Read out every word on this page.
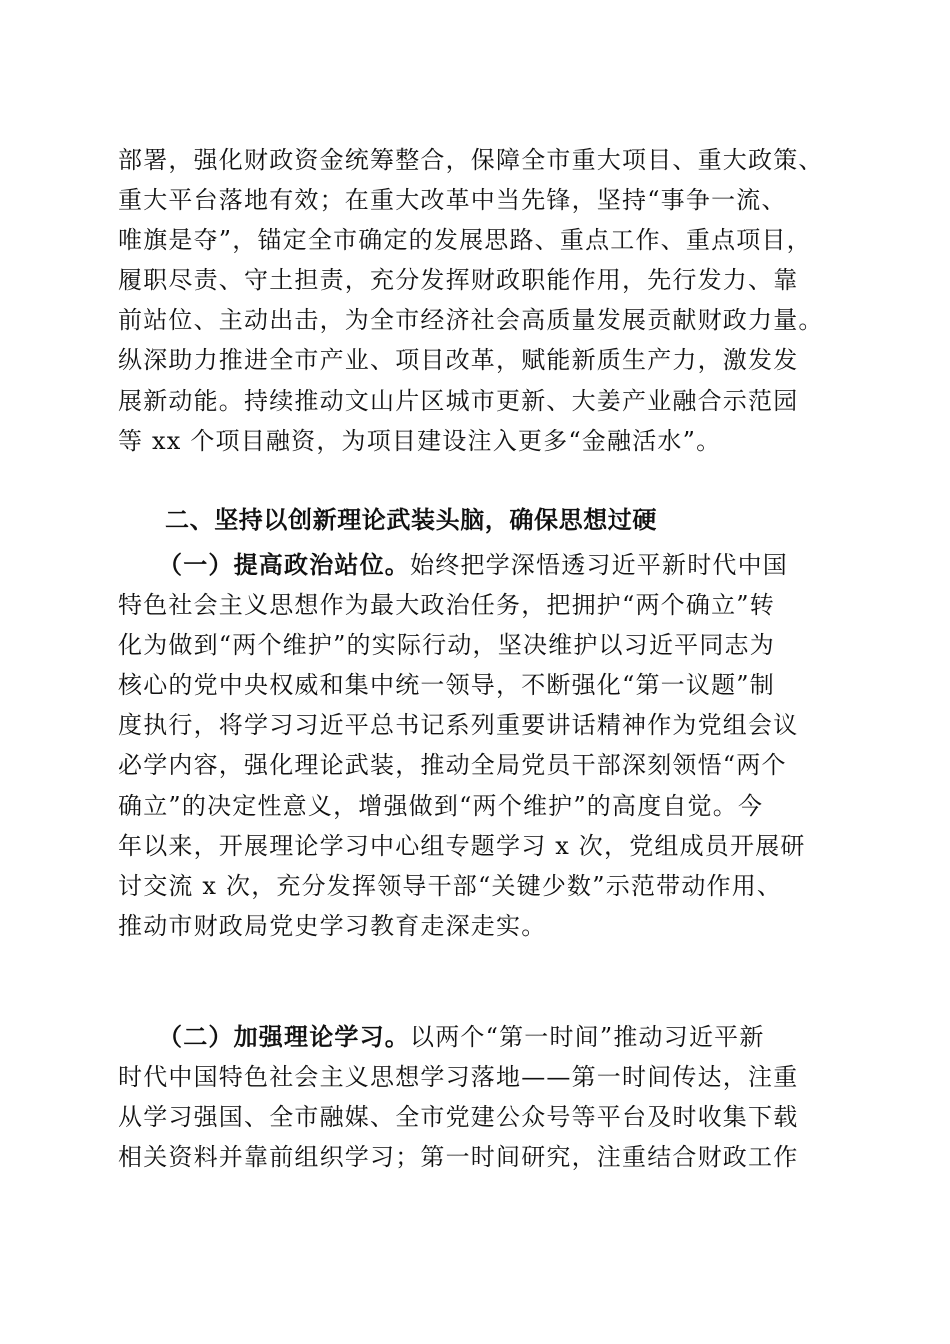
部署，强化财政资金统筹整合，保障全市重大项目、重大政策、
重大平台落地有效；在重大改革中当先锋，坚持“事争一流、
唯旗是夺”，锚定全市确定的发展思路、重点工作、重点项目，
履职尽责、守土担责，充分发挥财政职能作用，先行发力、靠
前站位、主动出击，为全市经济社会高质量发展贡献财政力量。
纵深助力推进全市产业、项目改革，赋能新质生产力，激发发
展新动能。持续推动文山片区城市更新、大姜产业融合示范园
等 xx 个项目融资，为项目建设注入更多“金融活水”。
二、坚持以创新理论武装头脑，确保思想过硬
（一）提高政治站位。始终把学深悟透习近平新时代中国
特色社会主义思想作为最大政治任务，把拥护“两个确立”转
化为做到“两个维护”的实际行动，坚决维护以习近平同志为
核心的党中央权威和集中统一领导，不断强化“第一议题”制
度执行，将学习习近平总书记系列重要讲话精神作为党组会议
必学内容，强化理论武装，推动全局党员干部深刻领悟“两个
确立”的决定性意义，增强做到“两个维护”的高度自觉。今
年以来，开展理论学习中心组专题学习 x 次，党组成员开展研
讨交流 x 次，充分发挥领导干部“关键少数”示范带动作用、
推动市财政局党史学习教育走深走实。
（二）加强理论学习。以两个“第一时间”推动习近平新
时代中国特色社会主义思想学习落地——第一时间传达，注重
从学习强国、全市融媒、全市党建公众号等平台及时收集下载
相关资料并靠前组织学习；第一时间研究，注重结合财政工作
